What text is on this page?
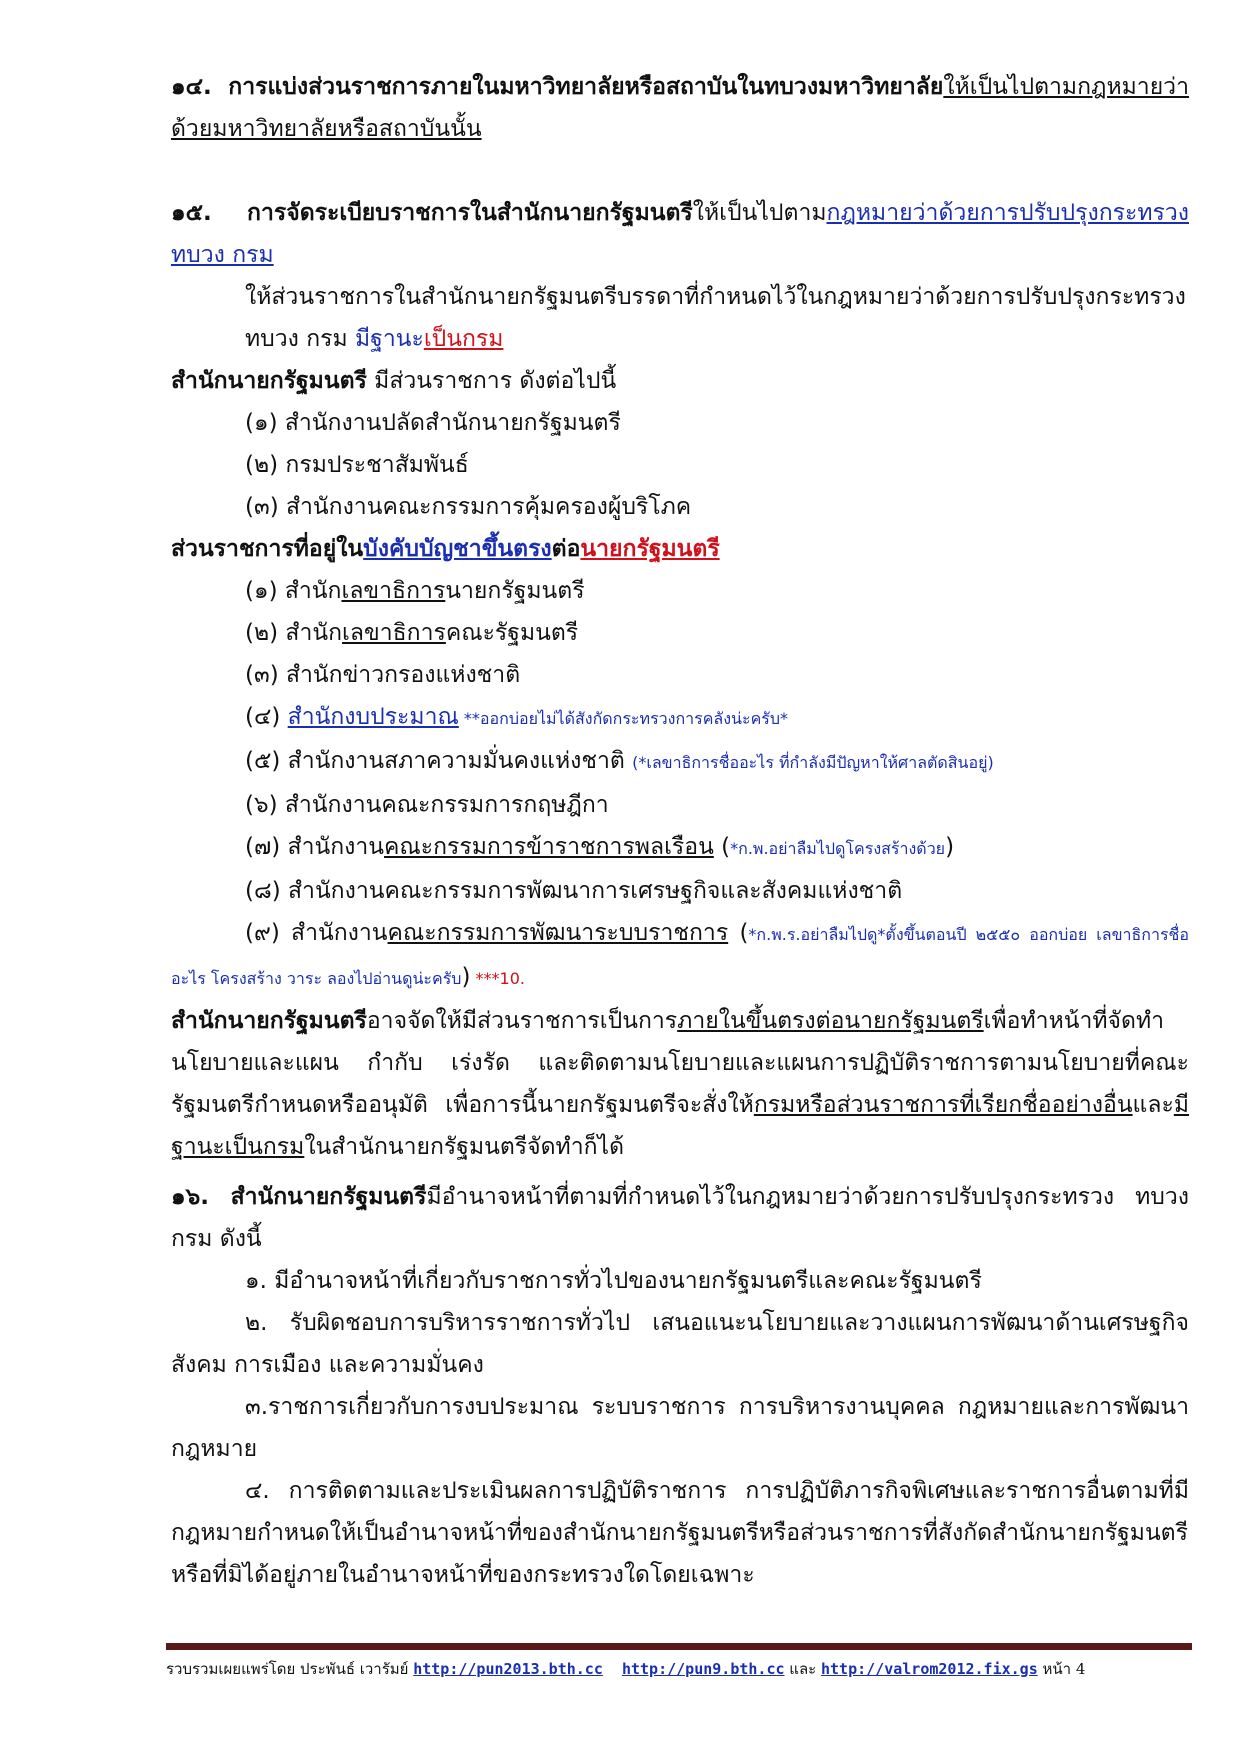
๑๔. การแบ่งส่วนราชการภายในมหาวิทยาลัยหรือสถาบันในทบวงมหาวิทยาลัยให้เป็นไปตามกฎหมายว่าด้วยมหาวิทยาลัยหรือสถาบันนั้น

๑๕. การจัดระเบียบราชการในสำนักนายกรัฐมนตรีให้เป็นไปตามกฎหมายว่าด้วยการปรับปรุงกระทรวง ทบวง กรม

ให้ส่วนราชการในสำนักนายกรัฐมนตรีบรรดาที่กำหนดไว้ในกฎหมายว่าด้วยการปรับปรุงกระทรวง ทบวง กรม มีฐานะเป็นกรม

สำนักนายกรัฐมนตรี มีส่วนราชการ ดังต่อไปนี้

(๑) สำนักงานปลัดสำนักนายกรัฐมนตรี

(๒) กรมประชาสัมพันธ์

(๓) สำนักงานคณะกรรมการคุ้มครองผู้บริโภค

ส่วนราชการที่อยู่ในบังคับบัญชาขึ้นตรงต่อนายกรัฐมนตรี

(๑) สำนักเลขาธิการนายกรัฐมนตรี

(๒) สำนักเลขาธิการคณะรัฐมนตรี

(๓) สำนักข่าวกรองแห่งชาติ

(๔) สำนักงบประมาณ **ออกบ่อยไม่ได้สังกัดกระทรวงการคลังน่ะครับ*

(๕) สำนักงานสภาความมั่นคงแห่งชาติ (*เลขาธิการชื่ออะไร ที่กำลังมีปัญหาให้ศาลตัดสินอยู่)

(๖) สำนักงานคณะกรรมการกฤษฎีกา

(๗) สำนักงานคณะกรรมการข้าราชการพลเรือน (*ก.พ.อย่าลืมไปดูโครงสร้างด้วย)

(๘) สำนักงานคณะกรรมการพัฒนาการเศรษฐกิจและสังคมแห่งชาติ

(๙) สำนักงานคณะกรรมการพัฒนาระบบราชการ (*ก.พ.ร.อย่าลืมไปดู*ตั้งขึ้นตอนปี ๒๕๕๐ ออกบ่อย เลขาธิการชื่ออะไร โครงสร้าง วาระ ลองไปอ่านดูน่ะครับ) ***10.

สำนักนายกรัฐมนตรีอาจจัดให้มีส่วนราชการเป็นการภายในขึ้นตรงต่อนายกรัฐมนตรีเพื่อทำหน้าที่จัดทำนโยบายและแผน กำกับ เร่งรัด และติดตามนโยบายและแผนการปฏิบัติราชการตามนโยบายที่คณะรัฐมนตรีกำหนดหรืออนุมัติ เพื่อการนี้นายกรัฐมนตรีจะสั่งให้กรมหรือส่วนราชการที่เรียกชื่ออย่างอื่นและมีฐานะเป็นกรมในสำนักนายกรัฐมนตรีจัดทำก็ได้

๑๖. สำนักนายกรัฐมนตรีมีอำนาจหน้าที่ตามที่กำหนดไว้ในกฎหมายว่าด้วยการปรับปรุงกระทรวง ทบวง กรม ดังนี้

๑. มีอำนาจหน้าที่เกี่ยวกับราชการทั่วไปของนายกรัฐมนตรีและคณะรัฐมนตรี

๒. รับผิดชอบการบริหารราชการทั่วไป เสนอแนะนโยบายและวางแผนการพัฒนาด้านเศรษฐกิจ สังคม การเมือง และความมั่นคง

๓.ราชการเกี่ยวกับการงบประมาณ ระบบราชการ การบริหารงานบุคคล กฎหมายและการพัฒนากฎหมาย

๔. การติดตามและประเมินผลการปฏิบัติราชการ การปฏิบัติภารกิจพิเศษและราชการอื่นตามที่มีกฎหมายกำหนดให้เป็นอำนาจหน้าที่ของสำนักนายกรัฐมนตรีหรือส่วนราชการที่สังกัดสำนักนายกรัฐมนตรี หรือที่มิได้อยู่ภายในอำนาจหน้าที่ของกระทรวงใดโดยเฉพาะ

รวบรวมเผยแพร่โดย ประพันธ์ เวารัมย์ http://pun2013.bth.cc http://pun9.bth.cc และ http://valrom2012.fix.gs หน้า 4
